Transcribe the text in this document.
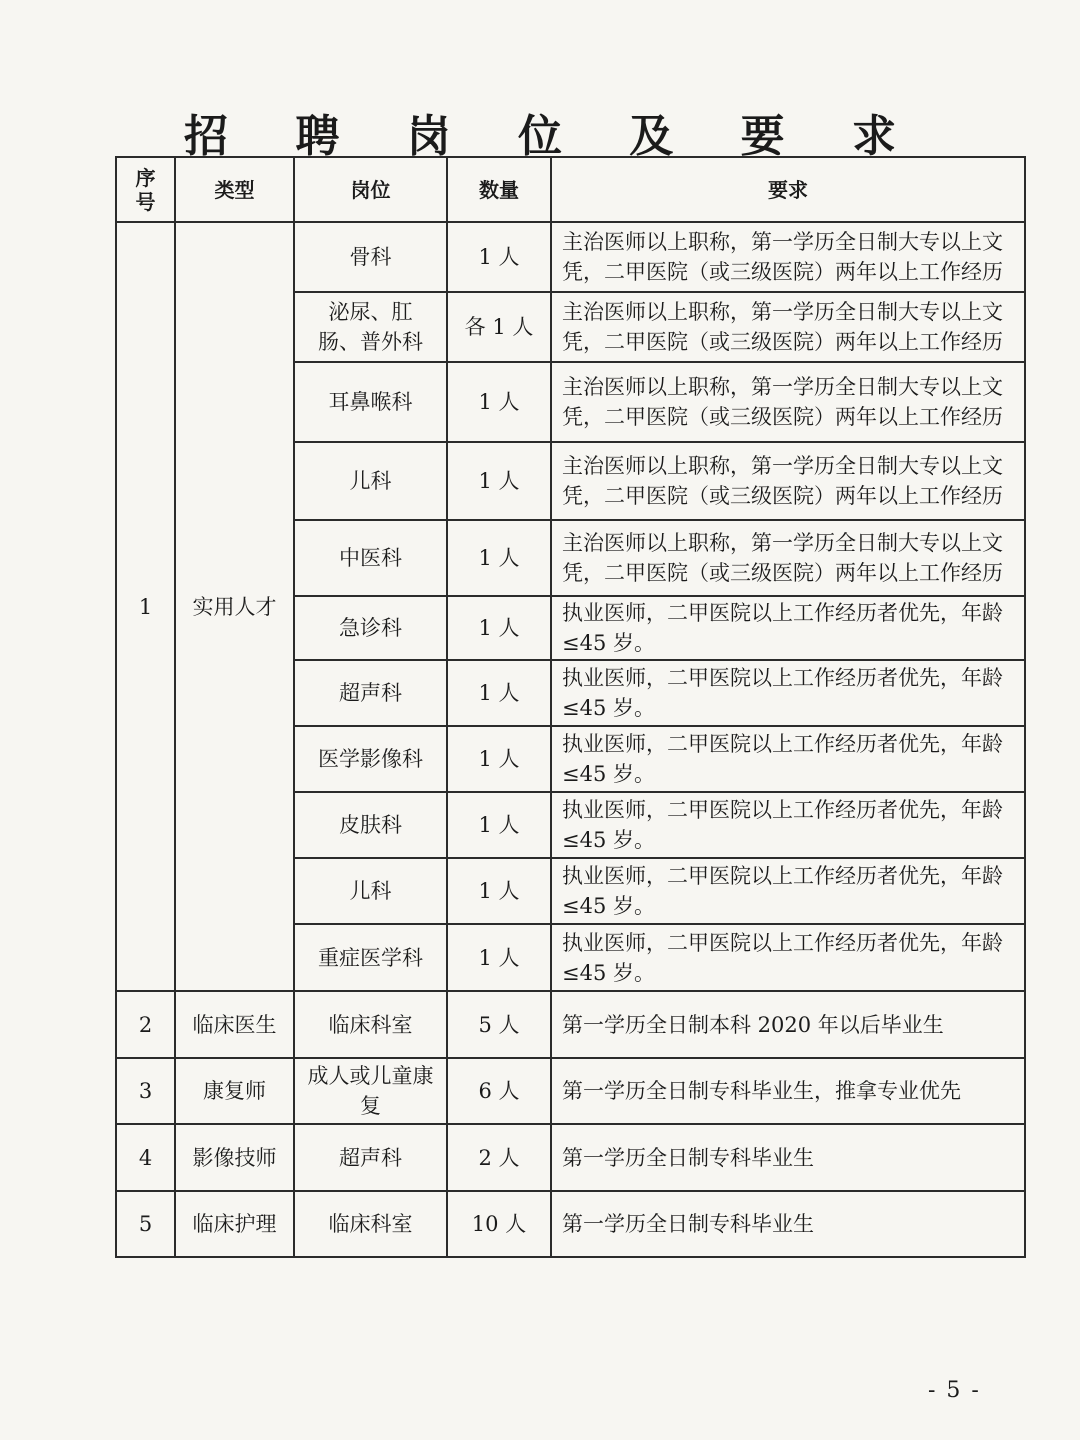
招 聘 岗 位 及 要 求
序号	类型	岗位	数量	要求
1	实用人才	骨科	1 人	主治医师以上职称，第一学历全日制大专以上文凭，二甲医院（或三级医院）两年以上工作经历
		泌尿、肛肠、普外科	各 1 人	主治医师以上职称，第一学历全日制大专以上文凭，二甲医院（或三级医院）两年以上工作经历
		耳鼻喉科	1 人	主治医师以上职称，第一学历全日制大专以上文凭，二甲医院（或三级医院）两年以上工作经历
		儿科	1 人	主治医师以上职称，第一学历全日制大专以上文凭，二甲医院（或三级医院）两年以上工作经历
		中医科	1 人	主治医师以上职称，第一学历全日制大专以上文凭，二甲医院（或三级医院）两年以上工作经历
		急诊科	1 人	执业医师，二甲医院以上工作经历者优先，年龄≤45 岁。
		超声科	1 人	执业医师，二甲医院以上工作经历者优先，年龄≤45 岁。
		医学影像科	1 人	执业医师，二甲医院以上工作经历者优先，年龄≤45 岁。
		皮肤科	1 人	执业医师，二甲医院以上工作经历者优先，年龄≤45 岁。
		儿科	1 人	执业医师，二甲医院以上工作经历者优先，年龄≤45 岁。
		重症医学科	1 人	执业医师，二甲医院以上工作经历者优先，年龄≤45 岁。
2	临床医生	临床科室	5 人	第一学历全日制本科 2020 年以后毕业生
3	康复师	成人或儿童康复	6 人	第一学历全日制专科毕业生，推拿专业优先
4	影像技师	超声科	2 人	第一学历全日制专科毕业生
5	临床护理	临床科室	10 人	第一学历全日制专科毕业生
- 5 -
